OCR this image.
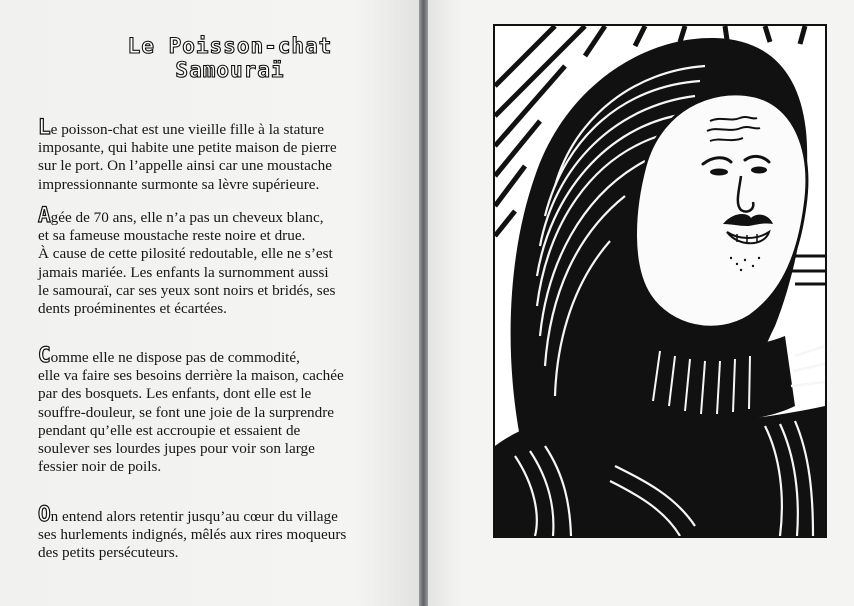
Le Poisson-chat
Samouraï

Le poisson-chat est une vieille fille à la stature
imposante, qui habite une petite maison de pierre
sur le port. On l’appelle ainsi car une moustache
impressionnante surmonte sa lèvre supérieure.

Agée de 70 ans, elle n’a pas un cheveux blanc,
et sa fameuse moustache reste noire et drue.
À cause de cette pilosité redoutable, elle ne s’est
jamais mariée. Les enfants la surnomment aussi
le samouraï, car ses yeux sont noirs et bridés, ses
dents proéminentes et écartées.

Comme elle ne dispose pas de commodité,
elle va faire ses besoins derrière la maison, cachée
par des bosquets. Les enfants, dont elle est le
souffre-douleur, se font une joie de la surprendre
pendant qu’elle est accroupie et essaient de
soulever ses lourdes jupes pour voir son large
fessier noir de poils.

On entend alors retentir jusqu’au cœur du village
ses hurlements indignés, mêlés aux rires moqueurs
des petits persécuteurs.
